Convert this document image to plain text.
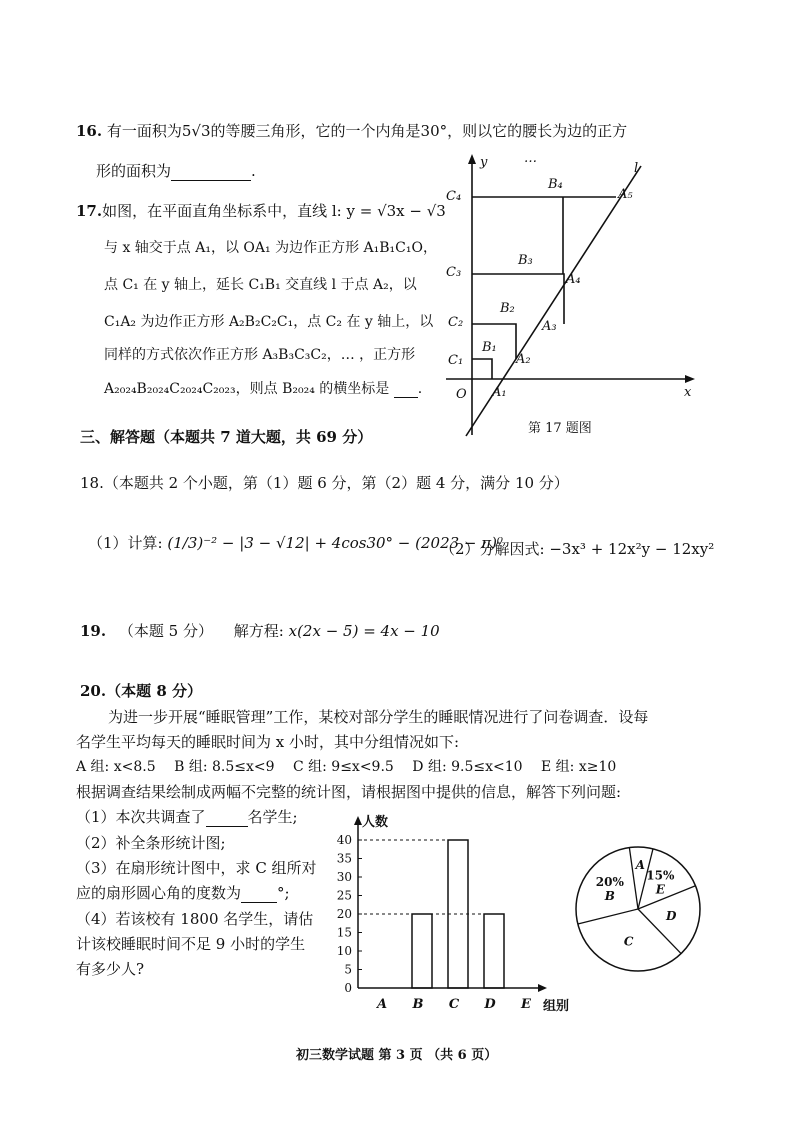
16. 有一面积为5√3的等腰三角形，它的一个内角是30°，则以它的腰长为边的正方
形的面积为	.
17.如图，在平面直角坐标系中，直线 l: y = √3x − √3
与 x 轴交于点 A₁，以 OA₁ 为边作正方形 A₁B₁C₁O，
点 C₁ 在 y 轴上，延长 C₁B₁ 交直线 l 于点 A₂，以
C₁A₂ 为边作正方形 A₂B₂C₂C₁，点 C₂ 在 y 轴上，以
同样的方式依次作正方形 A₃B₃C₃C₂，… ，正方形
A₂₀₂₄B₂₀₂₄C₂₀₂₄C₂₀₂₃，则点 B₂₀₂₄ 的横坐标是 .
y
x
l
O
…
C₁
C₂
C₃
C₄
B₁
B₂
B₃
B₄
A₁
A₂
A₃
A₄
A₅
第 17 题图
三、解答题（本题共 7 道大题，共 69 分）
18.（本题共 2 个小题，第（1）题 6 分，第（2）题 4 分，满分 10 分）
（1）计算: (1/3)⁻² − |3 − √12| + 4cos30° − (2023 − π)⁰
（2）分解因式: −3x³ + 12x²y − 12xy²
19. （本题 5 分） 解方程: x(2x − 5) = 4x − 10
20.（本题 8 分）
为进一步开展“睡眠管理”工作，某校对部分学生的睡眠情况进行了问卷调查．设每
名学生平均每天的睡眠时间为 x 小时，其中分组情况如下:
A 组: x<8.5 B 组: 8.5≤x<9 C 组: 9≤x<9.5 D 组: 9.5≤x<10 E 组: x≥10
根据调查结果绘制成两幅不完整的统计图，请根据图中提供的信息，解答下列问题:
（1）本次共调查了	名学生;
（2）补全条形统计图;
（3）在扇形统计图中，求 C 组所对
应的扇形圆心角的度数为 °;
（4）若该校有 1800 名学生，请估
计该校睡眠时间不足 9 小时的学生
有多少人?
人数
组别
0
5
10
15
20
25
30
35
40
A B C D E
A
E
15%
D
C
B
20%
初三数学试题 第 3 页 （共 6 页）
